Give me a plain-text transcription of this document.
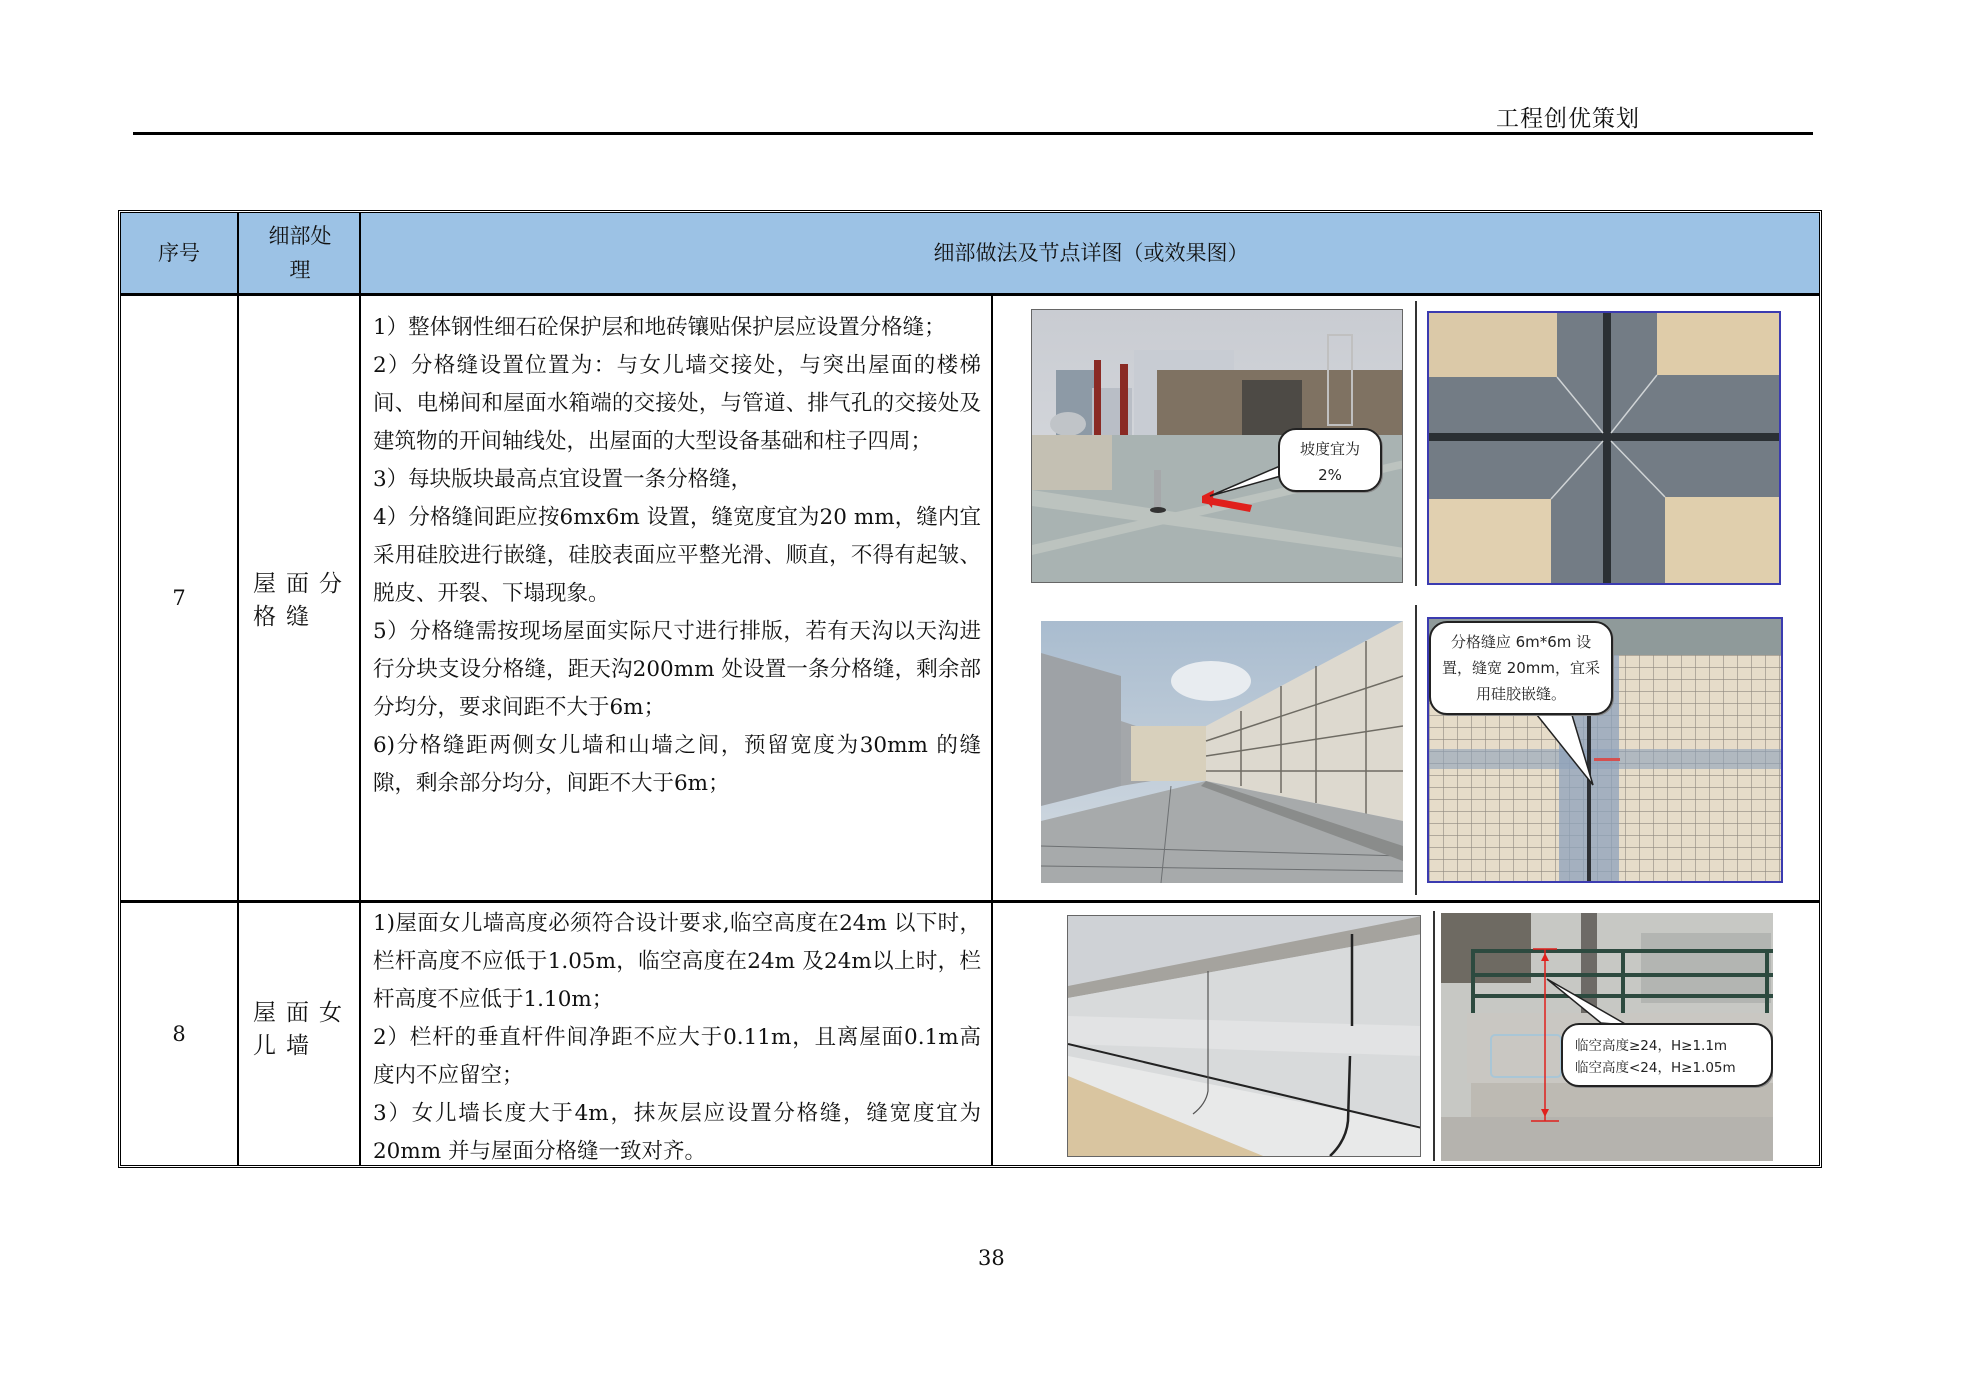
工程创优策划
序号
细部处
理
细部做法及节点详图（或效果图）
7
屋面分
格缝

1）整体钢性细石砼保护层和地砖镶贴保护层应设置分格缝；

2）分格缝设置位置为：与女儿墙交接处，与突出屋面的楼梯间、电梯间和屋面水箱端的交接处，与管道、排气孔的交接处及建筑物的开间轴线处，出屋面的大型设备基础和柱子四周；

3）每块版块最高点宜设置一条分格缝，

4）分格缝间距应按6mx6m 设置，缝宽度宜为20 mm，缝内宜采用硅胶进行嵌缝，硅胶表面应平整光滑、顺直，不得有起皱、脱皮、开裂、下塌现象。

5）分格缝需按现场屋面实际尺寸进行排版，若有天沟以天沟进行分块支设分格缝，距天沟200mm 处设置一条分格缝，剩余部分均分，要求间距不大于6m；

6)分格缝距两侧女儿墙和山墙之间，预留宽度为30mm 的缝隙，剩余部分均分，间距不大于6m；

坡度宜为
2%
分格缝应 6m*6m 设置，缝宽 20mm，宜采用硅胶嵌缝。
8
屋面女
儿墙

1)屋面女儿墙高度必须符合设计要求,临空高度在24m 以下时，栏杆高度不应低于1.05m，临空高度在24m 及24m以上时，栏杆高度不应低于1.10m；

2）栏杆的垂直杆件间净距不应大于0.11m，且离屋面0.1m高度内不应留空；

3）女儿墙长度大于4m，抹灰层应设置分格缝，缝宽度宜为20mm 并与屋面分格缝一致对齐。

临空高度≥24，H≥1.1m
临空高度<24，H≥1.05m
38
